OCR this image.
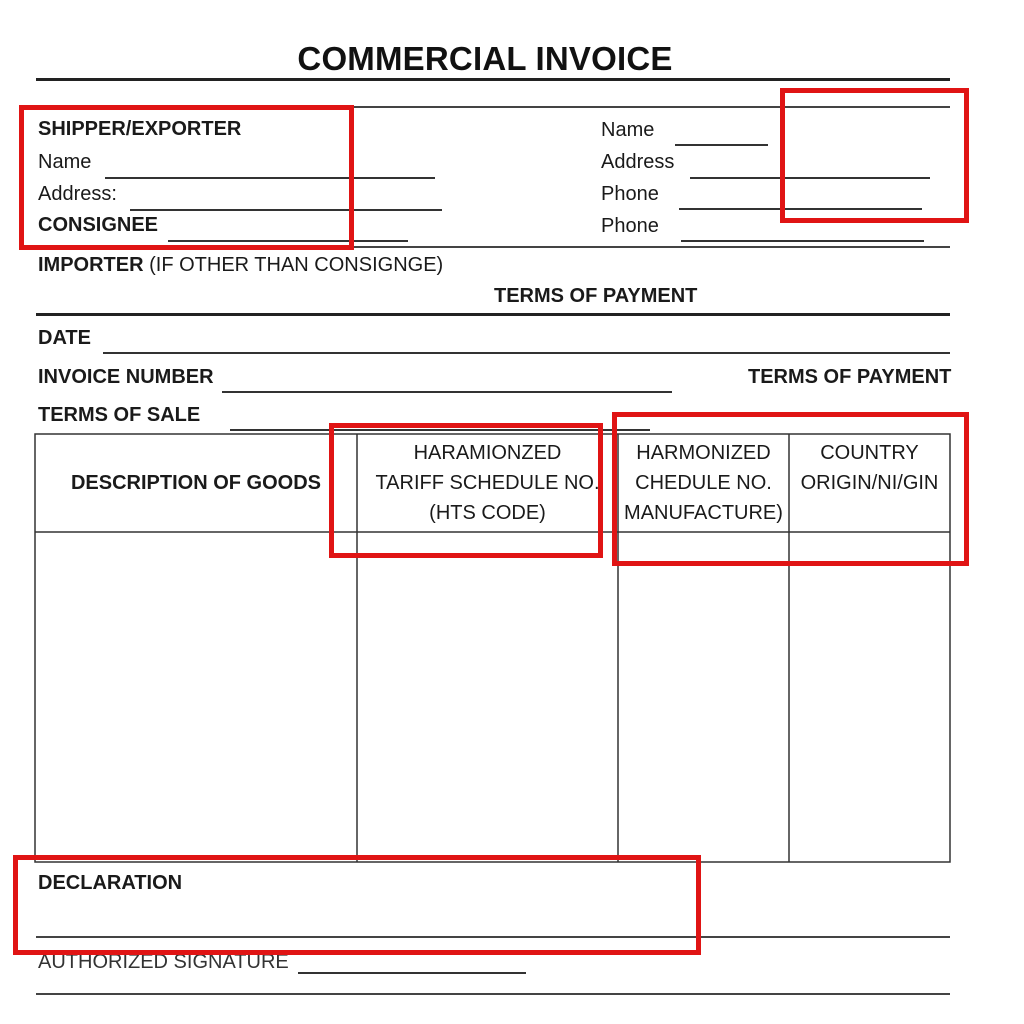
COMMERCIAL INVOICE
SHIPPER/EXPORTER
Name
Address:
CONSIGNEE
Name
Address
Phone
Phone
IMPORTER (IF OTHER THAN CONSIGNGE)
TERMS OF PAYMENT
DATE
INVOICE NUMBER	TERMS OF PAYMENT
TERMS OF SALE
DESCRIPTION OF GOODS
HARAMIONZED
TARIFF SCHEDULE NO.
(HTS CODE)
HARMONIZED
CHEDULE NO.
MANUFACTURE)
COUNTRY
ORIGIN/NI/GIN
DECLARATION
AUTHORIZED SIGNATURE
